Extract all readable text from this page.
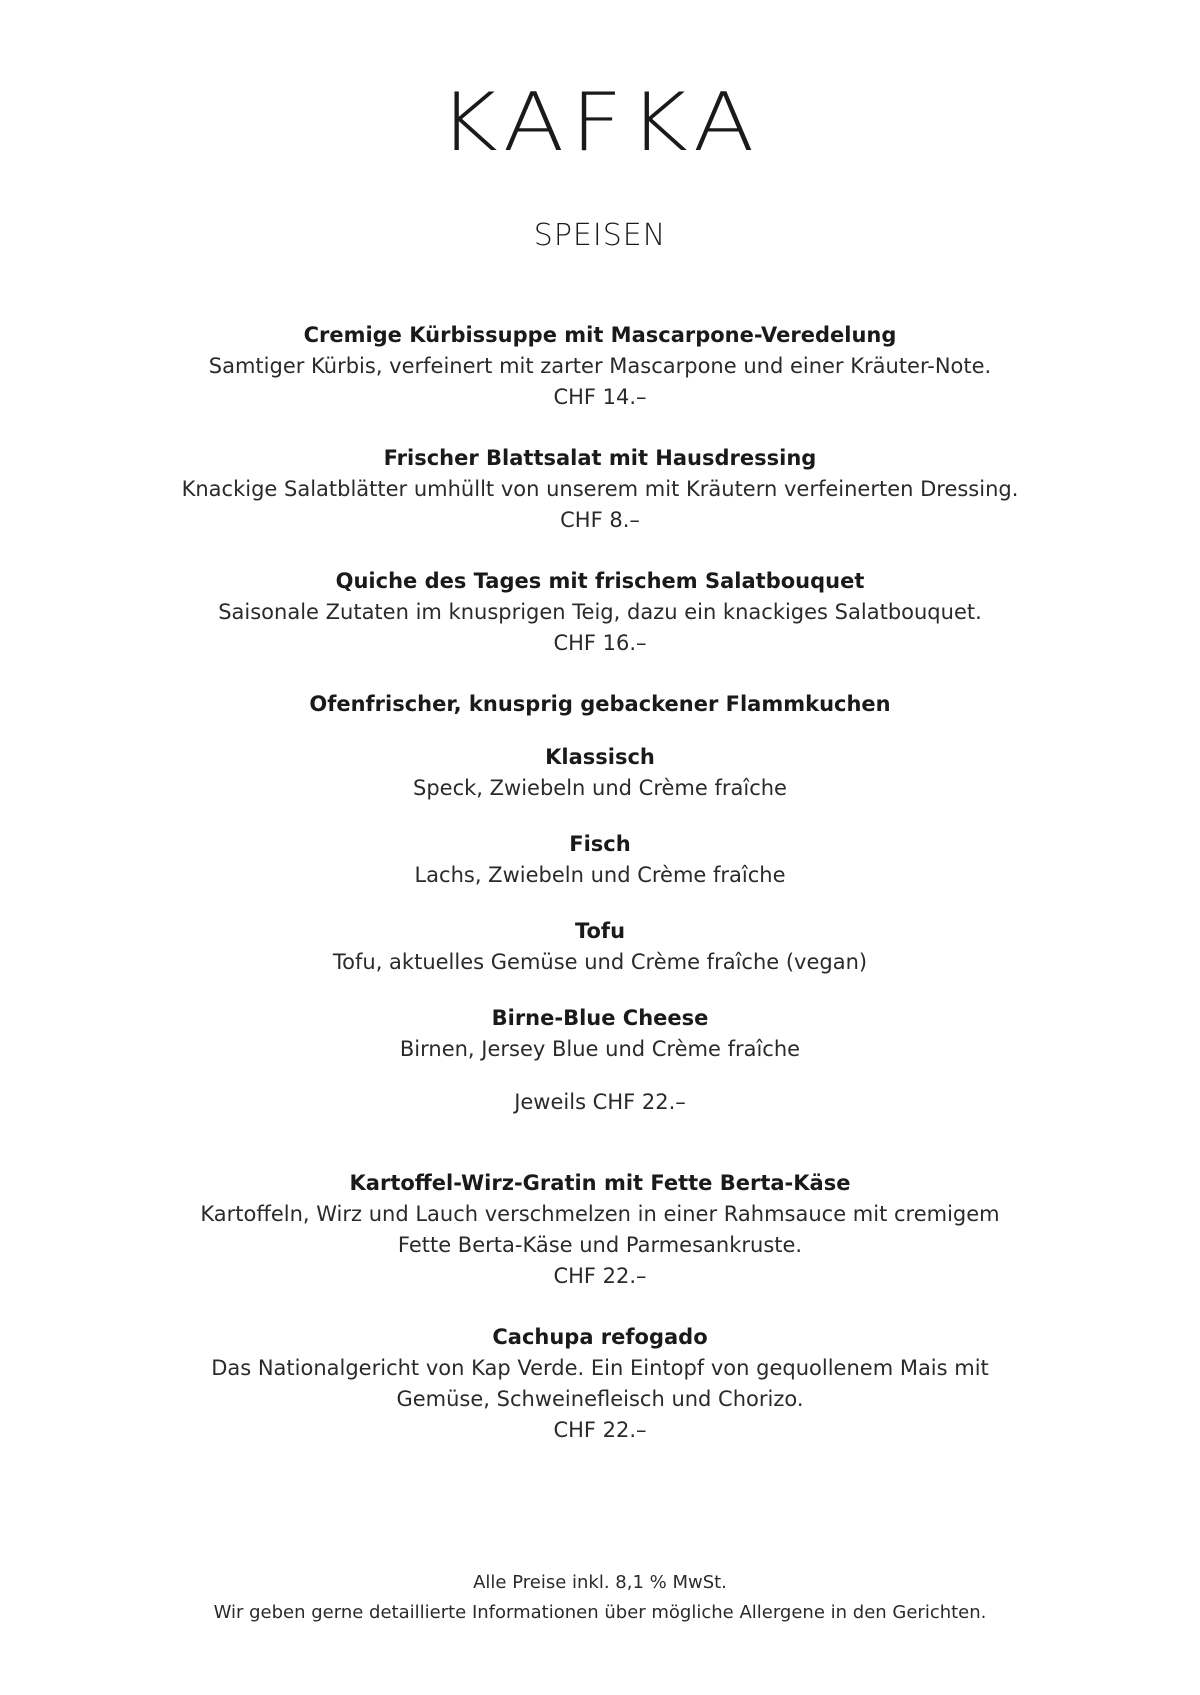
KAFKA
SPEISEN
Cremige Kürbissuppe mit Mascarpone-Veredelung
Samtiger Kürbis, verfeinert mit zarter Mascarpone und einer Kräuter-Note.
CHF 14.–
Frischer Blattsalat mit Hausdressing
Knackige Salatblätter umhüllt von unserem mit Kräutern verfeinerten Dressing.
CHF 8.–
Quiche des Tages mit frischem Salatbouquet
Saisonale Zutaten im knusprigen Teig, dazu ein knackiges Salatbouquet.
CHF 16.–
Ofenfrischer, knusprig gebackener Flammkuchen
Klassisch
Speck, Zwiebeln und Crème fraîche
Fisch
Lachs, Zwiebeln und Crème fraîche
Tofu
Tofu, aktuelles Gemüse und Crème fraîche (vegan)
Birne-Blue Cheese
Birnen, Jersey Blue und Crème fraîche
Jeweils CHF 22.–
Kartoffel-Wirz-Gratin mit Fette Berta-Käse
Kartoffeln, Wirz und Lauch verschmelzen in einer Rahmsauce mit cremigem
Fette Berta-Käse und Parmesankruste.
CHF 22.–
Cachupa refogado
Das Nationalgericht von Kap Verde. Ein Eintopf von gequollenem Mais mit
Gemüse, Schweinefleisch und Chorizo.
CHF 22.–
Alle Preise inkl. 8,1 % MwSt.
Wir geben gerne detaillierte Informationen über mögliche Allergene in den Gerichten.
